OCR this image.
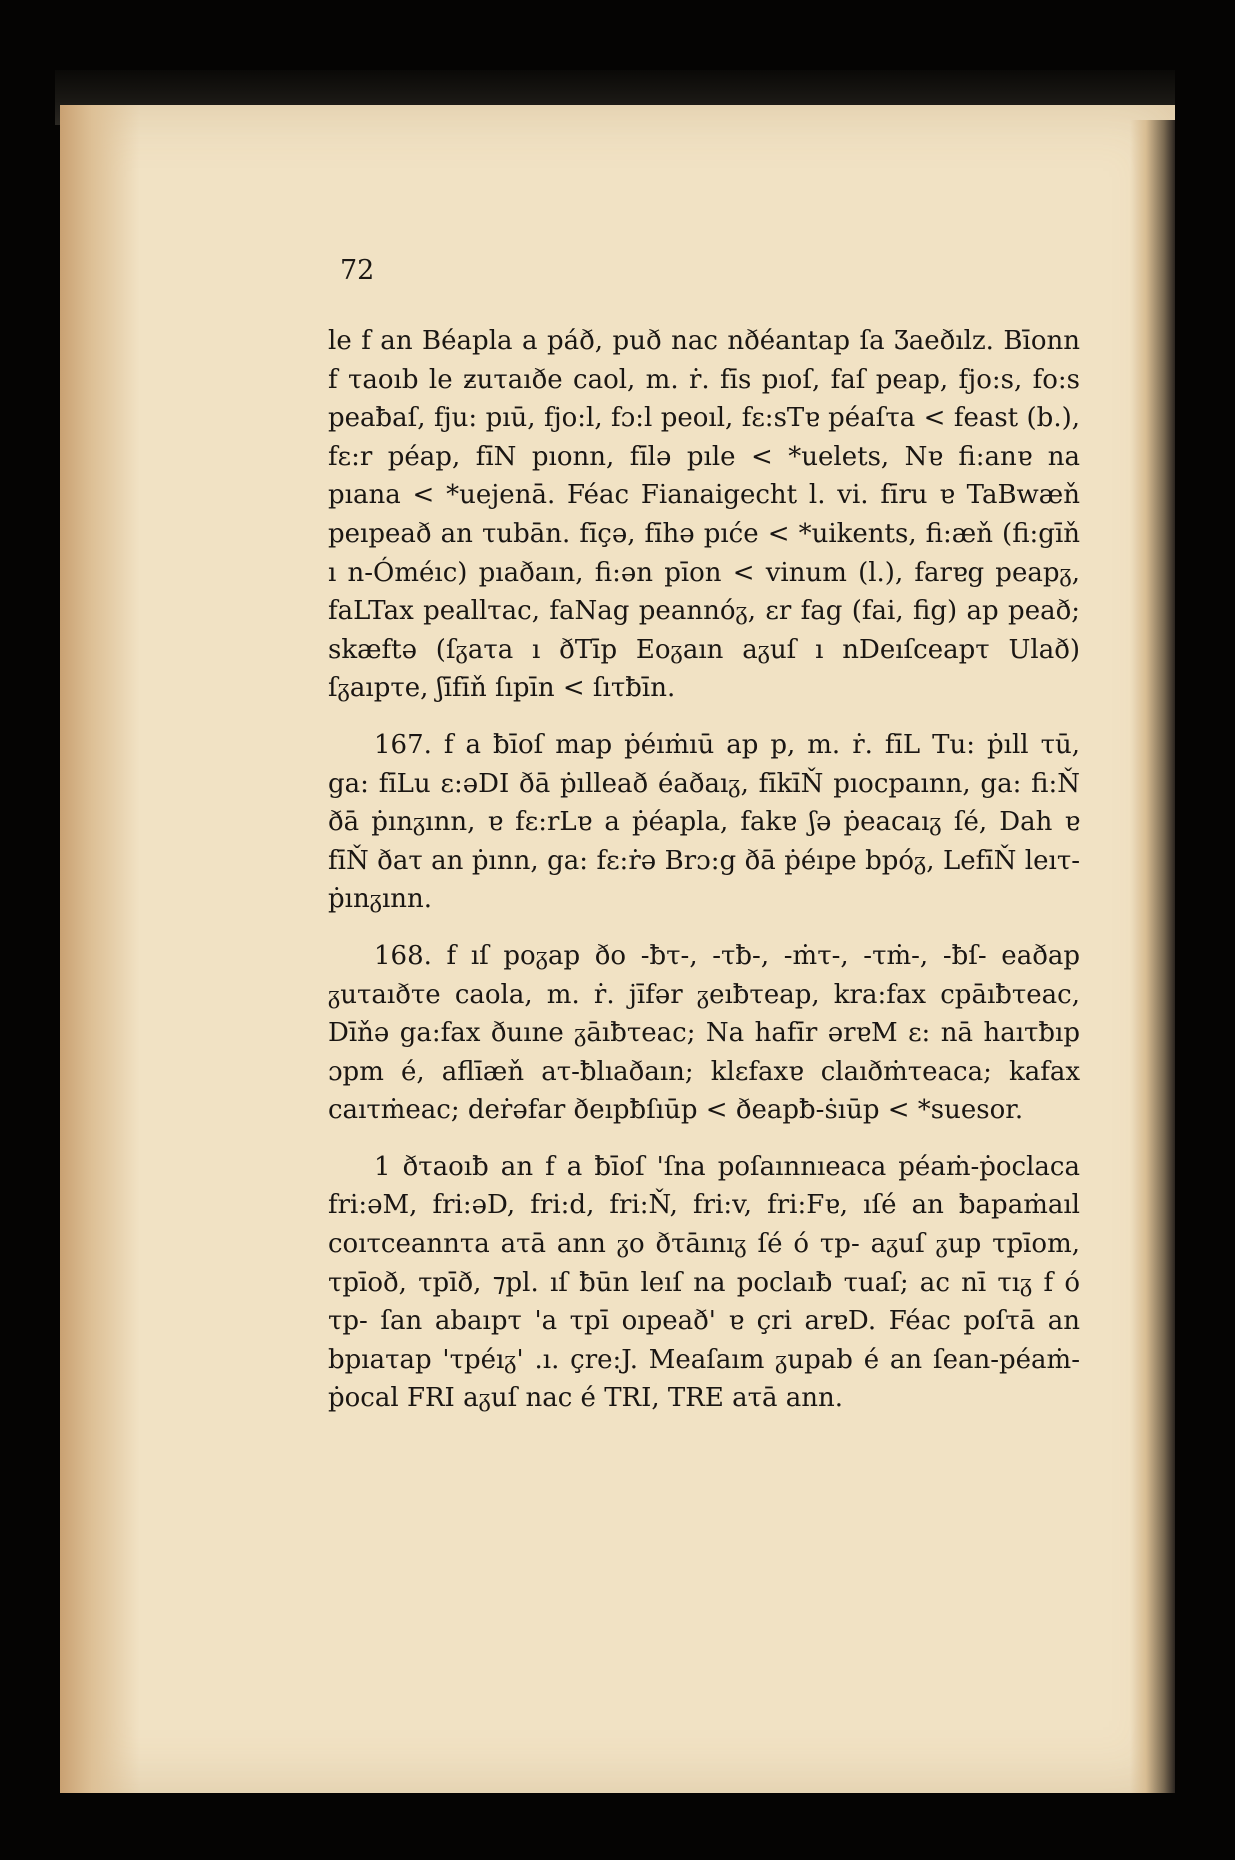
72

le f an Béapla a páð, puð nac nðéantap ſa Ʒaeðılz. Bīonn f τaoıb le ƶuτaıðe caol, m. ṙ. fīs pıoſ, faſ peap, fjo:s, fo:s peaƀaſ, fju: pıū, fjo:l, fɔ:l peoıl, fɛ:sTɐ péaſτa < feast (b.), fɛ:r péap, fīN pıonn, fīlə pıle < *uelets, Nɐ fi:anɐ na pıana < *uejenā. Féac Fianaigecht l. vi. fīru ɐ TaBwæň peıpeað an τubān. fīçə, fīhə pıće < *uikents, fi:æň (fi:gīň ı n-Óméıc) pıaðaın, fi:ən pīon < vinum (l.), farɐg peapᵹ, faLTax peallτac, faNag peannóᵹ, ɛr fag (fai, fig) ap peað; skæftə (ſᵹaτa ı ðTīp Eoᵹaın aᵹuſ ı nDeıſceapτ Ulað) ſᵹaıpτe, ʃīfīň ſıpīn < ſıτƀīn.

167. f a ƀīoſ map ṗéıṁıū ap p, m. ṙ. fīL Tu: ṗıll τū, ga: fīLu ɛ:əDI ðā ṗılleað éaðaıᵹ, fīkīŇ pıocpaınn, ga: fi:Ň ðā ṗınᵹınn, ɐ fɛ:rLɐ a ṗéapla, fakɐ ʃə ṗeacaıᵹ ſé, Dah ɐ fīŇ ðaτ an ṗınn, ga: fɛ:ṙə Brɔ:g ðā ṗéıpe bpóᵹ, LefīŇ leıτ-ṗınᵹınn.

168. f ıſ poᵹap ðo -ƀτ-, -τƀ-, -ṁτ-, -τṁ-, -ƀſ- eaðap ᵹuτaıðτe caola, m. ṙ. jīfər ᵹeıƀτeap, kra:fax cpāıƀτeac, Dīňə ga:fax ðuıne ᵹāıƀτeac; Na hafīr ərɐM ɛ: nā haıτƀıp ɔpm é, aflīæň aτ-ƀlıaðaın; klɛfaxɐ claıðṁτeaca; kafax caıτṁeac; deṙəfar ðeıpƀſıūp < ðeapƀ-ṡıūp < *suesor.

1 ðτaoıƀ an f a ƀīoſ 'ſna poſaınnıeaca péaṁ-ṗoclaca fri:əM, fri:əD, fri:d, fri:Ň, fri:v, fri:Fɐ, ıſé an ƀapaṁaıl coıτceannτa aτā ann ᵹo ðτāınıᵹ ſé ó τp- aᵹuſ ᵹup τpīom, τpīoð, τpīð, ⁊pl. ıſ ƀūn leıſ na poclaıƀ τuaſ; ac nī τıᵹ f ó τp- ſan abaıpτ 'a τpī oıpeað' ɐ çri arɐD. Féac poſτā an bpıaτap 'τpéıᵹ' .ı. çre:J. Meaſaım ᵹupab é an ſean-péaṁ-ṗocal FRI aᵹuſ nac é TRI, TRE aτā ann.
